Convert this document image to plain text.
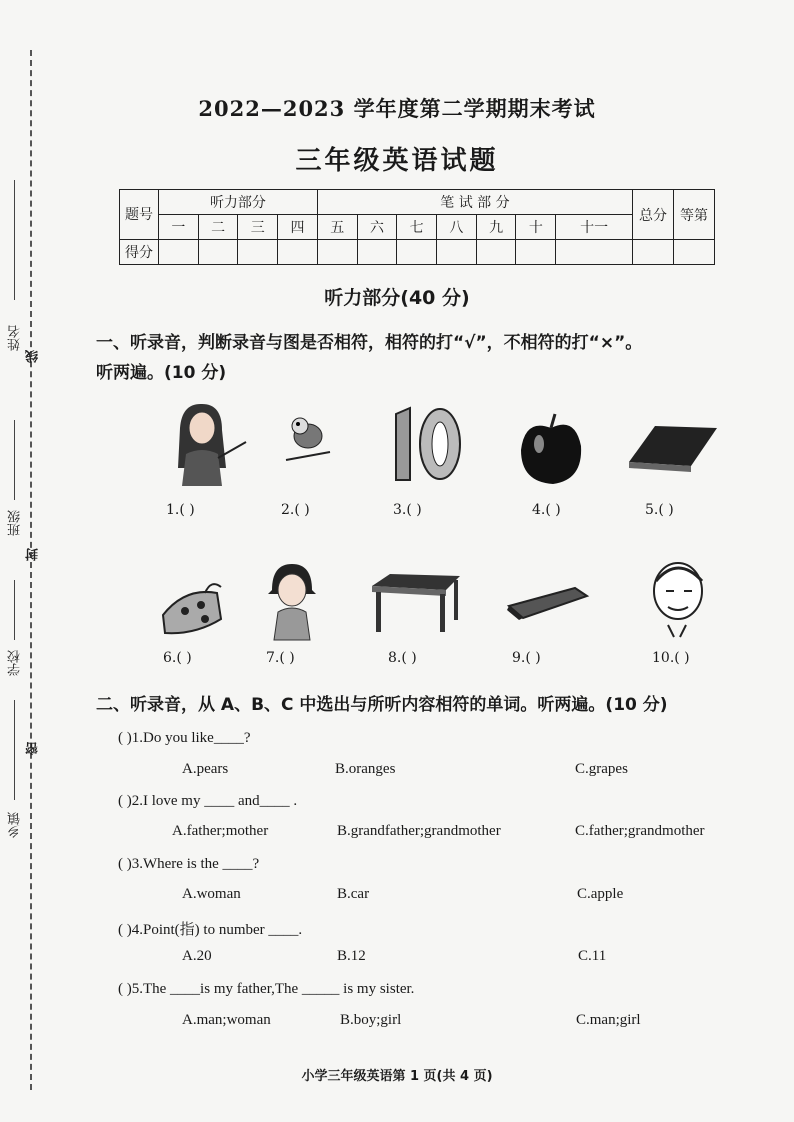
姓名
线
班级
封
学校
密
乡镇
2022—2023 学年度第二学期期末考试
三年级英语试题
题号	听力部分				笔 试 部 分							总分	等第
	一	二	三	四	五	六	七	八	九	十	十一		
得分													
听力部分(40 分)
一、听录音，判断录音与图是否相符，相符的打“√”，不相符的打“×”。
听两遍。(10 分)
1.( )	2.( )	3.( )	4.( )	5.( )
6.( )	7.( )	8.( )	9.( )	10.( )
二、听录音，从 A、B、C 中选出与所听内容相符的单词。听两遍。(10 分)
( )1.Do you like____?
A.pears	B.oranges	C.grapes
( )2.I love my ____ and____ .
A.father;mother	B.grandfather;grandmother	C.father;grandmother
( )3.Where is the ____?
A.woman	B.car	C.apple
( )4.Point(指) to number ____.
A.20	B.12	C.11
( )5.The ____is my father,The _____ is my sister.
A.man;woman	B.boy;girl	C.man;girl
小学三年级英语第 1 页(共 4 页)
